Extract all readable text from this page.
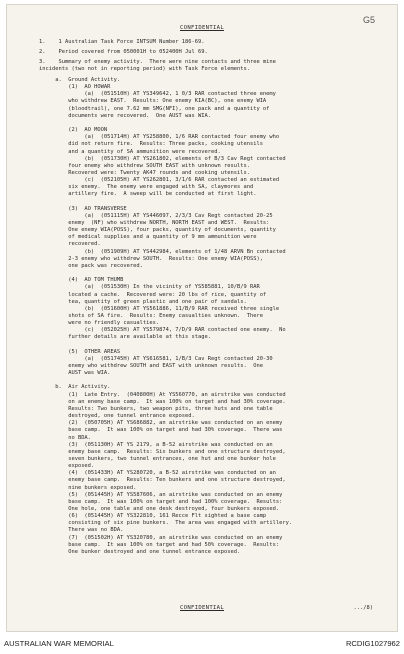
G5
CONFIDENTIAL
1.    1 Australian Task Force INTSUM Number 186-69.
2.    Period covered from 050001H to 052400H Jul 69.
3.    Summary of enemy activity.  There were nine contacts and three mine
incidents (two not in reporting period) with Task Force elements.
a.  Ground Activity.
(1)  AO HOWAR
(a)  (051510H) AT YS349642, 1 0/3 RAR contacted three enemy
who withdrew EAST.  Results: One enemy KIA(BC), one enemy WIA
(bloodtrail), one 7.62 mm SMG(NFI), one pack and a quantity of
documents were recovered.  One AUST was WIA.
(2)  AO MOON
(a)  (051714H) AT YS258800, 1/6 RAR contacted four enemy who
did not return fire.  Results: Three packs, cooking utensils
and a quantity of SA ammunition were recovered.
(b)  (051730H) AT YS261802, elements of B/3 Cav Regt contacted
four enemy who withdrew SOUTH EAST with unknown results.
Recovered were: Twenty AK47 rounds and cooking utensils.
(c)  (052105H) AT YS262801, 3/1/6 RAR contacted an estimated
six enemy.  The enemy were engaged with SA, claymores and
artillery fire.  A sweep will be conducted at first light.
(3)  AO TRANSVERSE
(a)  (051115H) AT YS446097, 2/3/3 Cav Regt contacted 20-25
enemy  (NF) who withdrew NORTH, NORTH EAST and WEST.  Results:
One enemy WIA(POSS), four packs, quantity of documents, quantity
of medical supplies and a quantity of 9 mm ammunition were
recovered.
(b)  (051909H) AT YS442984, elements of 1/48 ARVN Bn contacted
2-3 enemy who withdrew SOUTH.  Results: One enemy WIA(POSS),
one pack was recovered.
(4)  AO TOM THUMB
(a)  (051530H) In the vicinity of YS585881, 10/B/9 RAR
located a cache.  Recovered were: 20 lbs of rice, quantity of
tea, quantity of green plastic and one pair of sandals.
(b)  (051600H) AT YS561886, 11/B/9 RAR received three single
shots of SA fire.  Results: Enemy casualties unknown.  There
were no friendly casualties.
(c)  (052025H) AT YS579874, 7/D/9 RAR contacted one enemy.  No
further details are available at this stage.
(5)  OTHER AREAS
(a)  (051745H) AT YS616581, 1/B/3 Cav Regt contacted 20-30
enemy who withdrew SOUTH and EAST with unknown results.  One
AUST was WIA.
b.  Air Activity.
(1)  Late Entry.  (040800H) At YS560770, an airstrike was conducted
on an enemy base camp.  It was 100% on target and had 30% coverage.
Results: Two bunkers, two weapon pits, three huts and one table
destroyed, one tunnel entrance exposed.
(2)  (050705H) AT YS686882, an airstrike was conducted on an enemy
base camp.  It was 100% on target and had 30% coverage.  There was
no BDA.
(3)  (051130H) AT YS 2179, a B-52 airstrike was conducted on an
enemy base camp.  Results: Six bunkers and one structure destroyed,
seven bunkers, two tunnel entrances, one hut and one bunker hole
exposed.
(4)  (051433H) AT YS280720, a B-52 airstrike was conducted on an
enemy base camp.  Results: Ten bunkers and one structure destroyed,
nine bunkers exposed.
(5)  (051445H) AT YS587606, an airstrike was conducted on an enemy
base camp.  It was 100% on target and had 100% coverage.  Results:
One hole, one table and one desk destroyed, four bunkers exposed.
(6)  (051445H) AT YS322810, 161 Recce Flt sighted a base camp
consisting of six pine bunkers.  The area was engaged with artillery.
There was no BDA.
(7)  (051502H) AT YS320780, an airstrike was conducted on an enemy
base camp.  It was 100% on target and had 50% coverage.  Results:
One bunker destroyed and one tunnel entrance exposed.
CONFIDENTIAL	.../8)
AUSTRALIAN WAR MEMORIAL	RCDIG1027962
